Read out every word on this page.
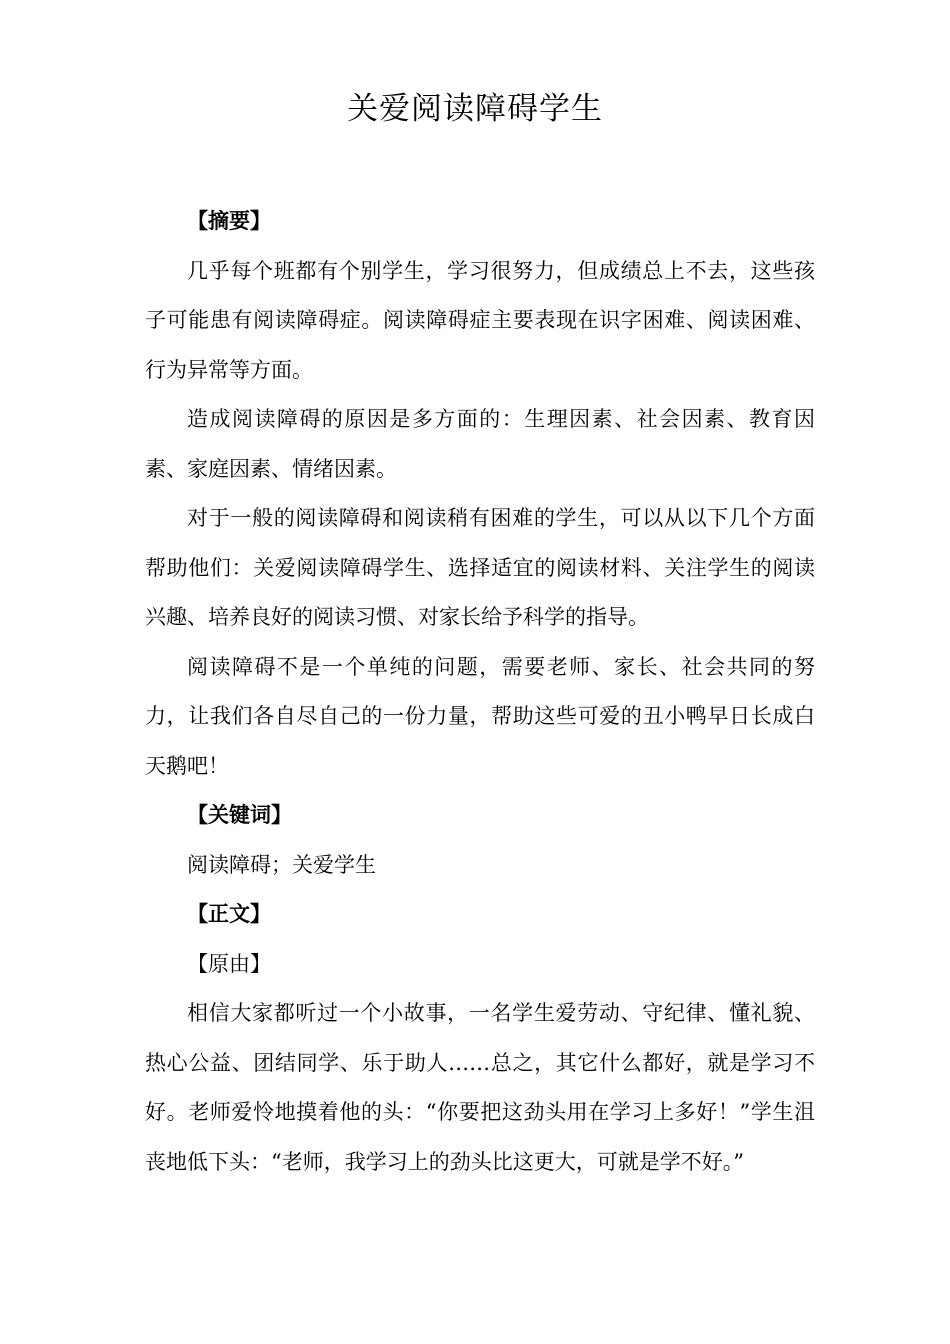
关爱阅读障碍学生

【摘要】

几乎每个班都有个别学生，学习很努力，但成绩总上不去，这些孩子可能患有阅读障碍症。阅读障碍症主要表现在识字困难、阅读困难、行为异常等方面。

造成阅读障碍的原因是多方面的：生理因素、社会因素、教育因素、家庭因素、情绪因素。

对于一般的阅读障碍和阅读稍有困难的学生，可以从以下几个方面帮助他们：关爱阅读障碍学生、选择适宜的阅读材料、关注学生的阅读兴趣、培养良好的阅读习惯、对家长给予科学的指导。

阅读障碍不是一个单纯的问题，需要老师、家长、社会共同的努力，让我们各自尽自己的一份力量，帮助这些可爱的丑小鸭早日长成白天鹅吧！

【关键词】

阅读障碍；关爱学生

【正文】

【原由】

相信大家都听过一个小故事，一名学生爱劳动、守纪律、懂礼貌、热心公益、团结同学、乐于助人……总之，其它什么都好，就是学习不好。老师爱怜地摸着他的头：“你要把这劲头用在学习上多好！”学生沮丧地低下头：“老师，我学习上的劲头比这更大，可就是学不好。”
